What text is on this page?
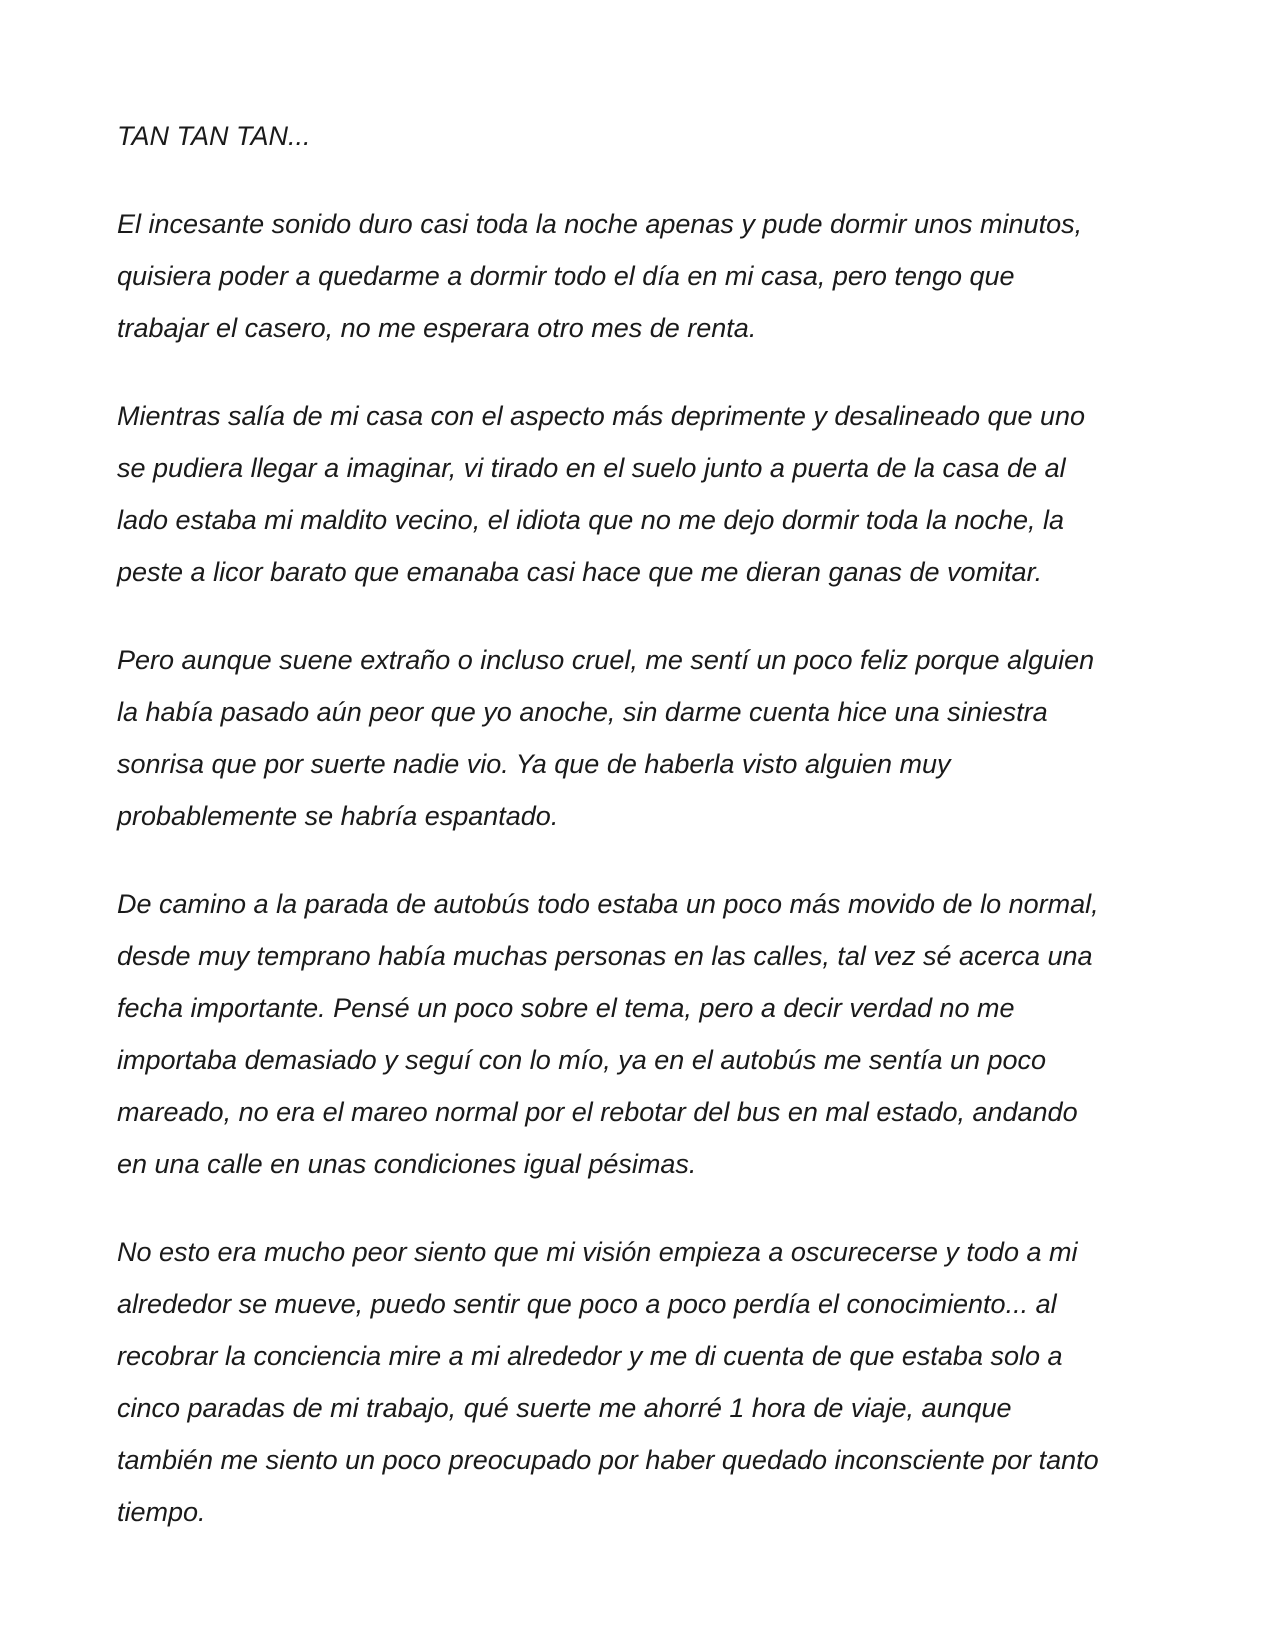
TAN TAN TAN...

El incesante sonido duro casi toda la noche apenas y pude dormir unos minutos,
quisiera poder a quedarme a dormir todo el día en mi casa, pero tengo que
trabajar el casero, no me esperara otro mes de renta.

Mientras salía de mi casa con el aspecto más deprimente y desalineado que uno
se pudiera llegar a imaginar, vi tirado en el suelo junto a puerta de la casa de al
lado estaba mi maldito vecino, el idiota que no me dejo dormir toda la noche, la
peste a licor barato que emanaba casi hace que me dieran ganas de vomitar.

Pero aunque suene extraño o incluso cruel, me sentí un poco feliz porque alguien
la había pasado aún peor que yo anoche, sin darme cuenta hice una siniestra
sonrisa que por suerte nadie vio. Ya que de haberla visto alguien muy
probablemente se habría espantado.

De camino a la parada de autobús todo estaba un poco más movido de lo normal,
desde muy temprano había muchas personas en las calles, tal vez sé acerca una
fecha importante. Pensé un poco sobre el tema, pero a decir verdad no me
importaba demasiado y seguí con lo mío, ya en el autobús me sentía un poco
mareado, no era el mareo normal por el rebotar del bus en mal estado, andando
en una calle en unas condiciones igual pésimas.

No esto era mucho peor siento que mi visión empieza a oscurecerse y todo a mi
alrededor se mueve, puedo sentir que poco a poco perdía el conocimiento... al
recobrar la conciencia mire a mi alrededor y me di cuenta de que estaba solo a
cinco paradas de mi trabajo, qué suerte me ahorré 1 hora de viaje, aunque
también me siento un poco preocupado por haber quedado inconsciente por tanto
tiempo.
